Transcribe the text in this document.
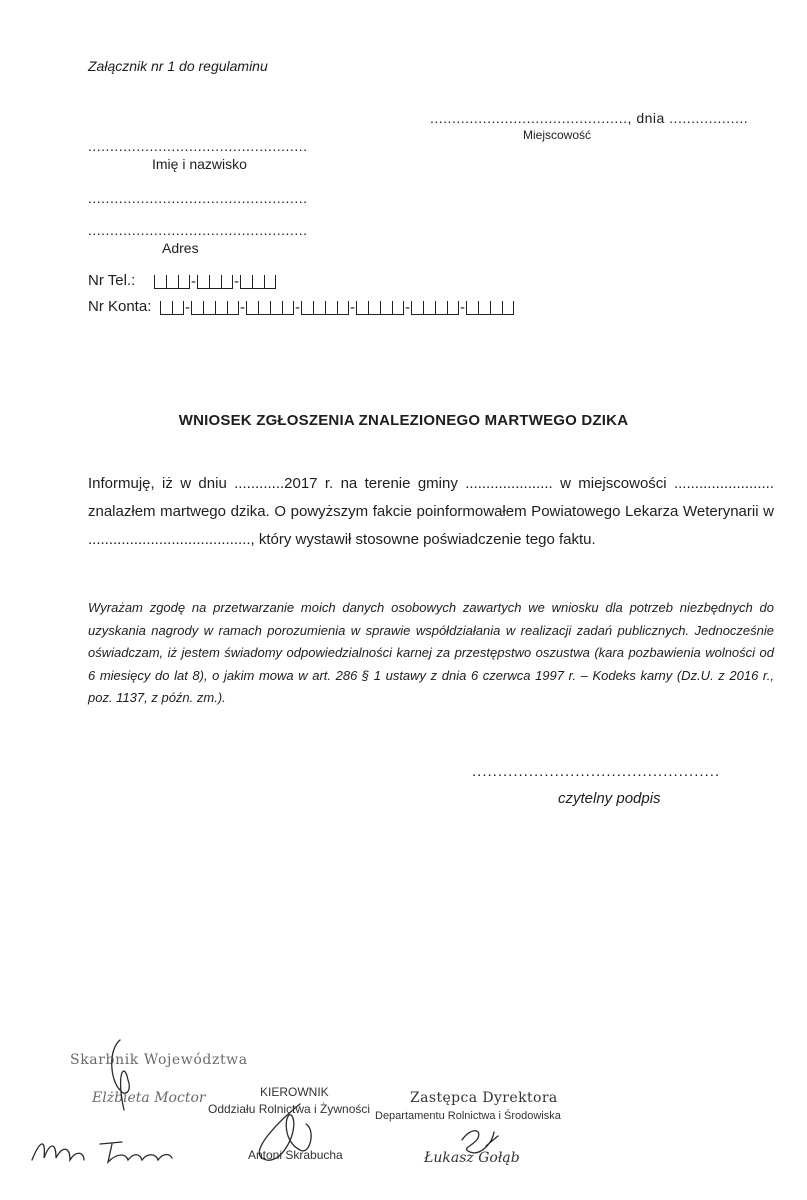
Załącznik nr 1 do regulaminu
............................................., dnia ..................
Miejscowość
..................................................
Imię i nazwisko
..................................................
..................................................
Adres
Nr Tel.:	-	-
Nr Konta:	-	-	-	-	-	-
WNIOSEK ZGŁOSZENIA ZNALEZIONEGO MARTWEGO DZIKA

Informuję, iż w dniu ............2017 r. na terenie gminy ..................... w miejscowości ........................ znalazłem martwego dzika. O powyższym fakcie poinformowałem Powiatowego Lekarza Weterynarii w ......................................., który wystawił stosowne poświadczenie tego faktu.

Wyrażam zgodę na przetwarzanie moich danych osobowych zawartych we wniosku dla potrzeb niezbędnych do uzyskania nagrody w ramach porozumienia w sprawie współdziałania w realizacji zadań publicznych. Jednocześnie oświadczam, iż jestem świadomy odpowiedzialności karnej za przestępstwo oszustwa (kara pozbawienia wolności od 6 miesięcy do lat 8), o jakim mowa w art. 286 § 1 ustawy z dnia 6 czerwca 1997 r. – Kodeks karny (Dz.U. z 2016 r., poz. 1137, z późn. zm.).

................................................
czytelny podpis
Skarbnik Województwa
Elżbieta Moctor	KIEROWNIK
Oddziału Rolnictwa i Żywności
Antoni Skrabucha
Zastępca Dyrektora
Departamentu Rolnictwa i Środowiska
Łukasz Gołąb
